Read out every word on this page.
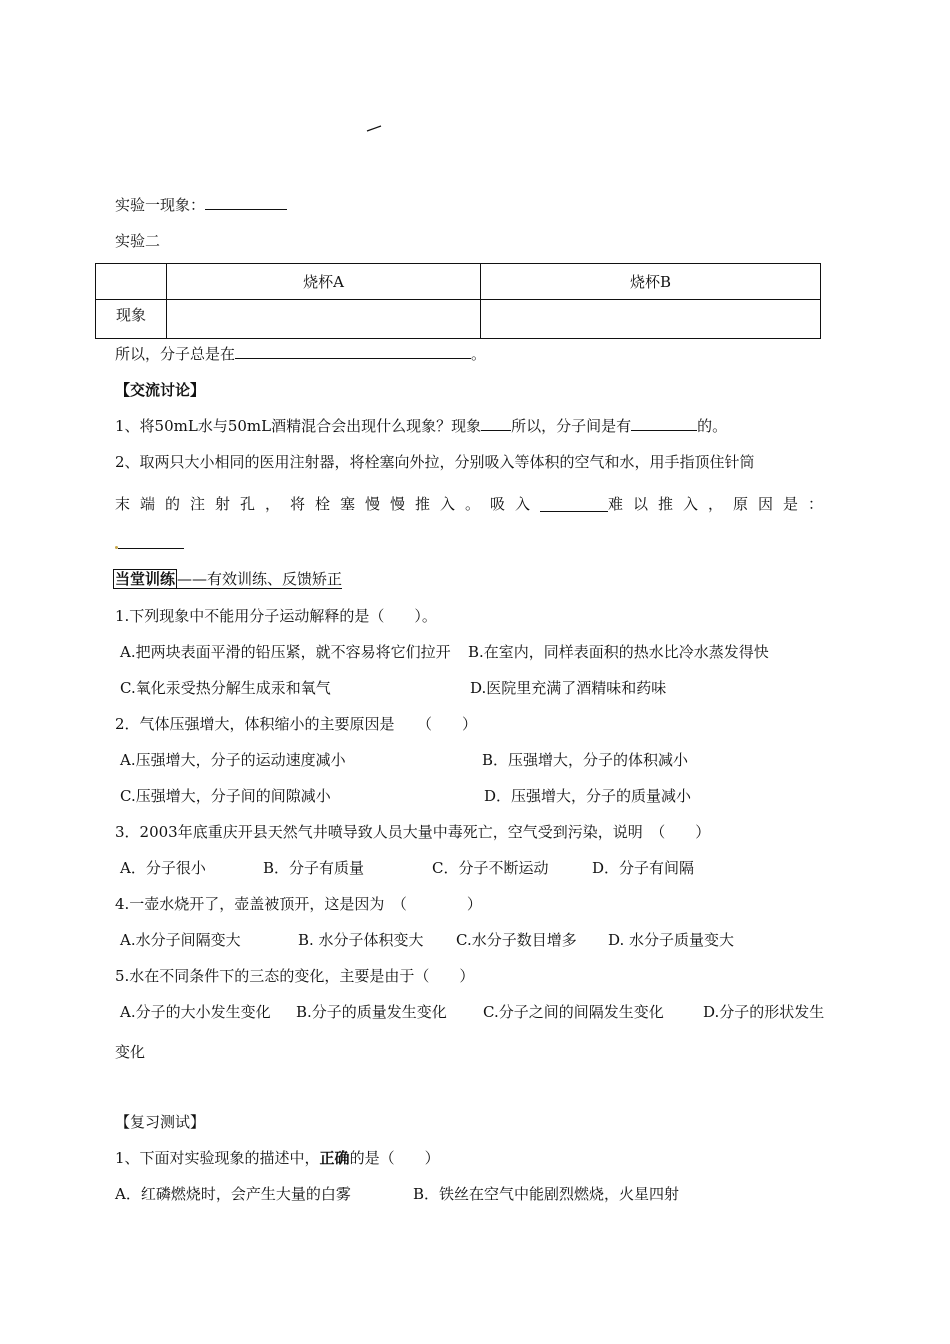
实验一现象：
实验二
	烧杯A	烧杯B
现象		
所以，分子总是在	。
【交流讨论】
1、将50mL水与50mL酒精混合会出现什么现象？现象 所以，分子间是有	的。
2、取两只大小相同的医用注射器，将栓塞向外拉，分别吸入等体积的空气和水，用手指顶住针筒
末端的注射孔，将栓塞慢慢推入。吸入	难以推入，原因是：
当堂训练 ——有效训练、反馈矫正
1.下列现象中不能用分子运动解释的是（　　）。
A.把两块表面平滑的铅压紧，就不容易将它们拉开 B.在室内，同样表面积的热水比冷水蒸发得快
C.氧化汞受热分解生成汞和氧气	D.医院里充满了酒精味和药味
2．气体压强增大，体积缩小的主要原因是　　（　　）
A.压强增大，分子的运动速度减小	B．压强增大，分子的体积减小
C.压强增大，分子间的间隙减小	D．压强增大，分子的质量减小
3．2003年底重庆开县天然气井喷导致人员大量中毒死亡，空气受到污染，说明　（　　）
A．分子很小	B．分子有质量	C．分子不断运动	D．分子有间隔
4.一壶水烧开了，壶盖被顶开，这是因为　（　　　　）
A.水分子间隔变大	B. 水分子体积变大 C.水分子数目增多 D. 水分子质量变大
5.水在不同条件下的三态的变化，主要是由于（　　）
A.分子的大小发生变化 B.分子的质量发生变化 C.分子之间的间隔发生变化	D.分子的形状发生
变化
【复习测试】
1、下面对实验现象的描述中，正确的是（　　）
A．红磷燃烧时，会产生大量的白雾	B．铁丝在空气中能剧烈燃烧，火星四射
